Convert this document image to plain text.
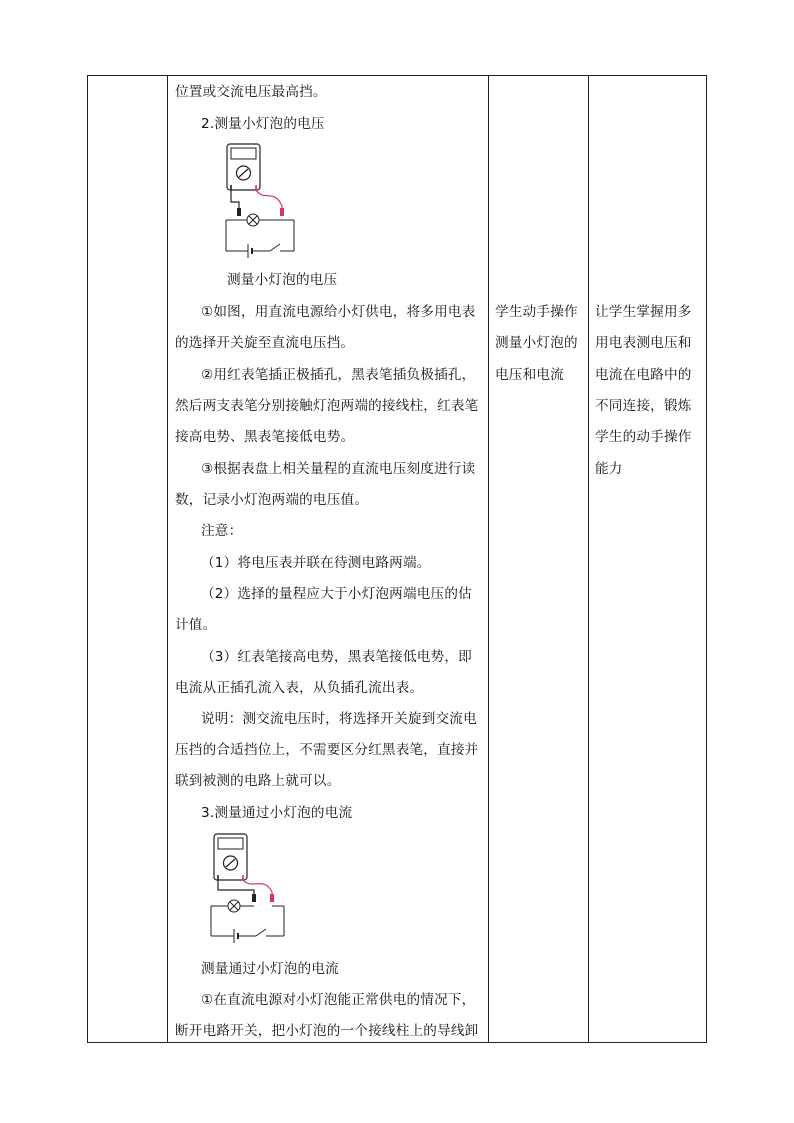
位置或交流电压最高挡。
2.测量小灯泡的电压
测量小灯泡的电压
①如图，用直流电源给小灯供电，将多用电表
的选择开关旋至直流电压挡。
②用红表笔插正极插孔，黑表笔插负极插孔，
然后两支表笔分别接触灯泡两端的接线柱，红表笔
接高电势、黑表笔接低电势。
③根据表盘上相关量程的直流电压刻度进行读
数，记录小灯泡两端的电压值。
注意：
（1）将电压表并联在待测电路两端。
（2）选择的量程应大于小灯泡两端电压的估
计值。
（3）红表笔接高电势，黑表笔接低电势，即
电流从正插孔流入表，从负插孔流出表。
说明：测交流电压时，将选择开关旋到交流电
压挡的合适挡位上，不需要区分红黑表笔，直接并
联到被测的电路上就可以。
3.测量通过小灯泡的电流
测量通过小灯泡的电流
①在直流电源对小灯泡能正常供电的情况下，
断开电路开关，把小灯泡的一个接线柱上的导线卸
学生动手操作
测量小灯泡的
电压和电流
让学生掌握用多
用电表测电压和
电流在电路中的
不同连接，锻炼
学生的动手操作
能力
